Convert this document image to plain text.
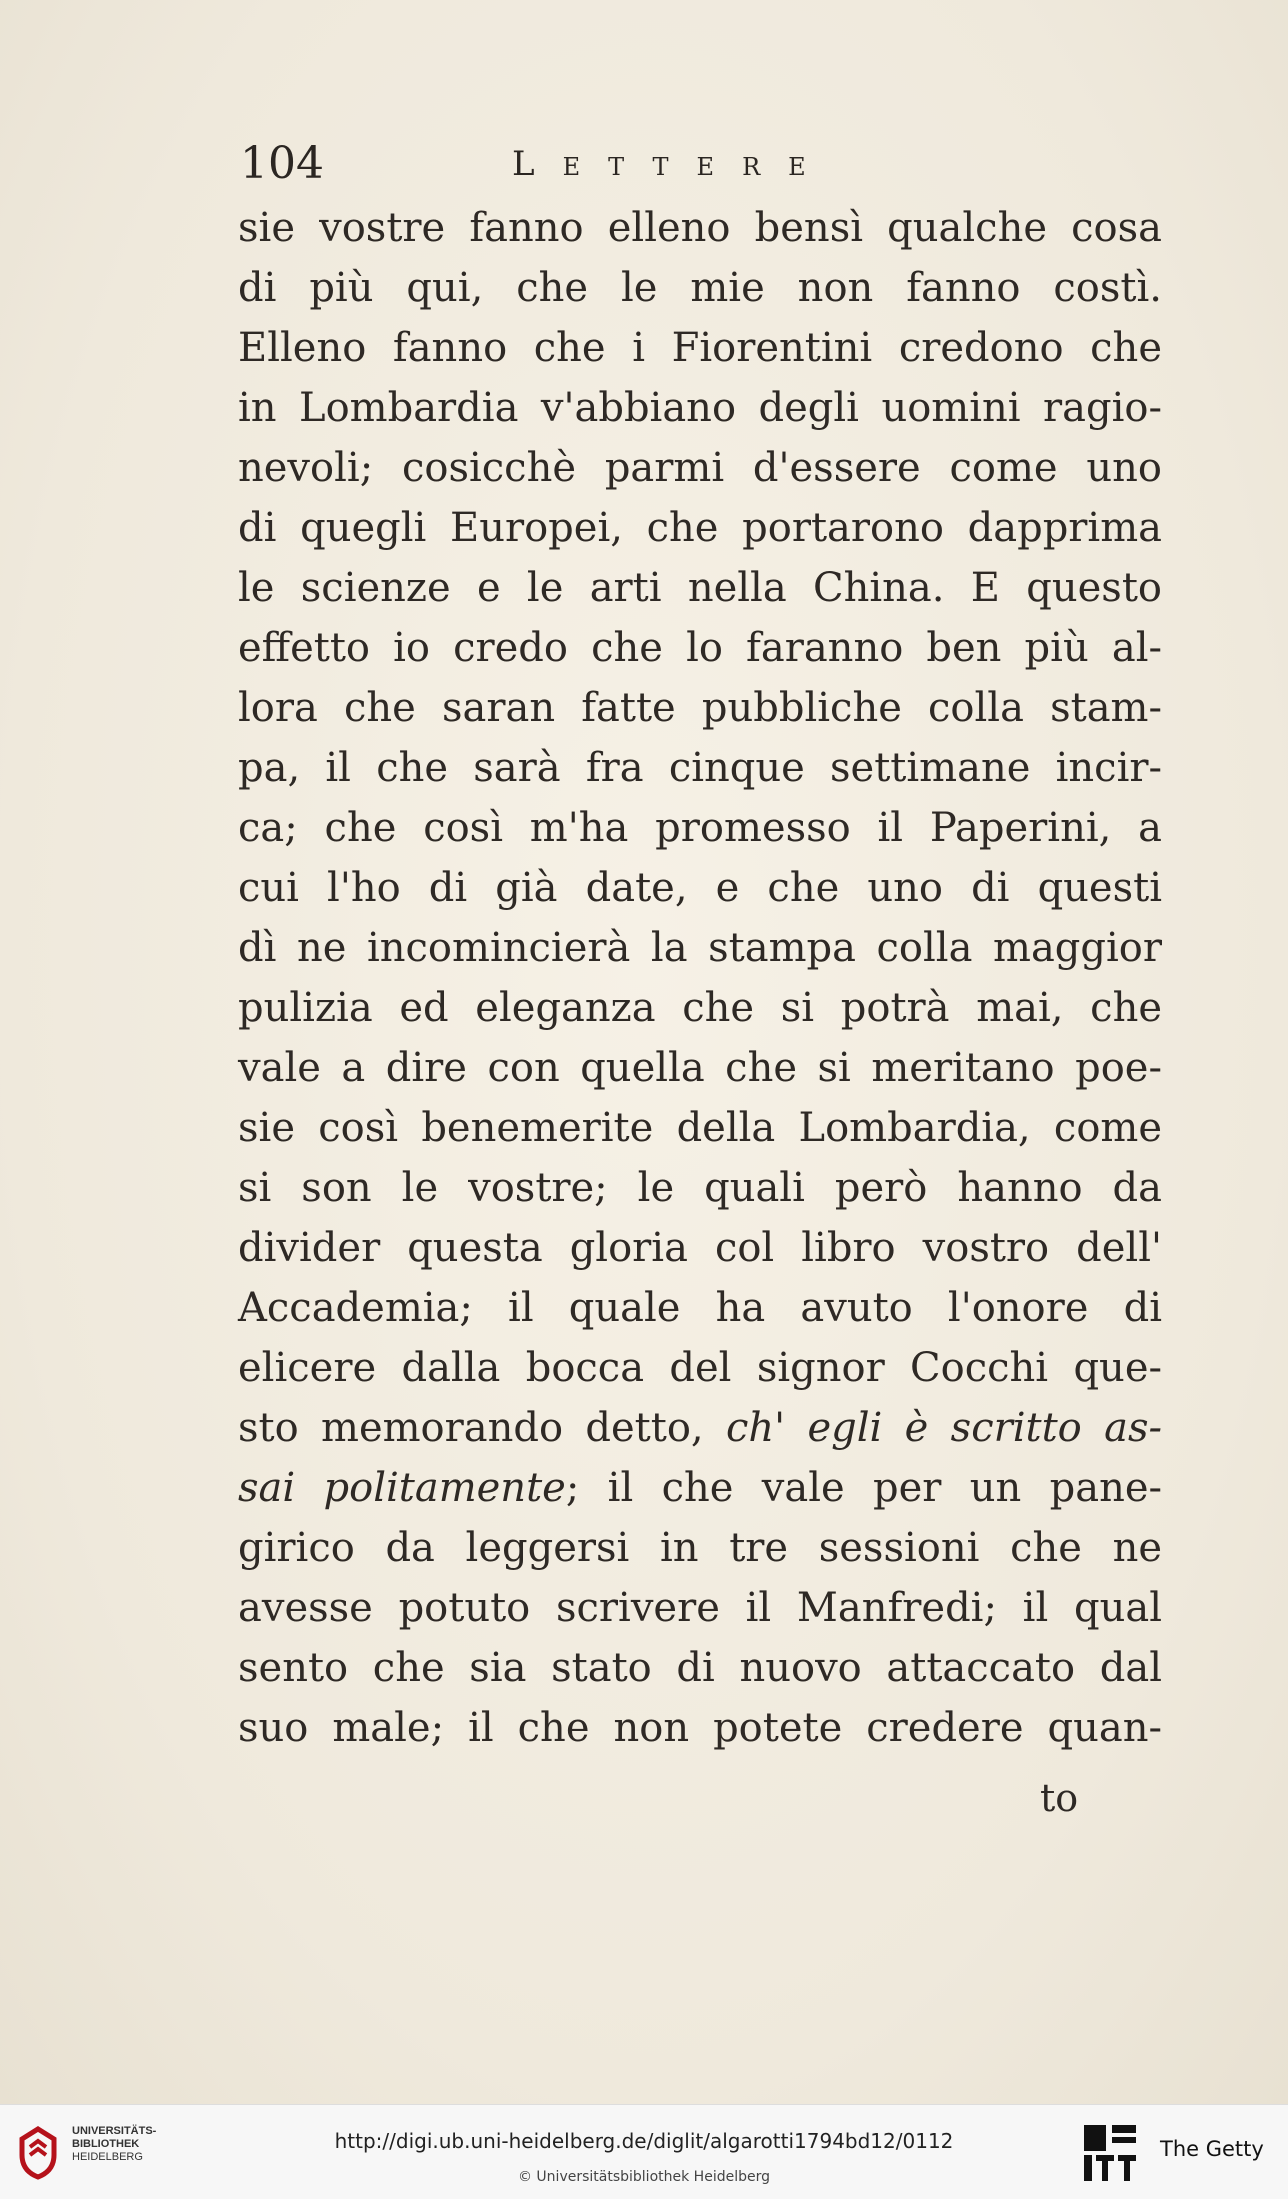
104	Lettere
sie vostre fanno elleno bensì qualche cosa
di più qui, che le mie non fanno costì.
Elleno fanno che i Fiorentini credono che
in Lombardia v'abbiano degli uomini ragio-
nevoli; cosicchè parmi d'essere come uno
di quegli Europei, che portarono dapprima
le scienze e le arti nella China. E questo
effetto io credo che lo faranno ben più al-
lora che saran fatte pubbliche colla stam-
pa, il che sarà fra cinque settimane incir-
ca; che così m'ha promesso il Paperini, a
cui l'ho di già date, e che uno di questi
dì ne incomincierà la stampa colla maggior
pulizia ed eleganza che si potrà mai, che
vale a dire con quella che si meritano poe-
sie così benemerite della Lombardia, come
si son le vostre; le quali però hanno da
divider questa gloria col libro vostro dell'
Accademia; il quale ha avuto l'onore di
elicere dalla bocca del signor Cocchi que-
sto memorando detto, ch' egli è scritto as-
sai politamente; il che vale per un pane-
girico da leggersi in tre sessioni che ne
avesse potuto scrivere il Manfredi; il qual
sento che sia stato di nuovo attaccato dal
suo male; il che non potete credere quan-
to
UNIVERSITÄTS-
BIBLIOTHEK
HEIDELBERG
http://digi.ub.uni-heidelberg.de/diglit/algarotti1794bd12/0112
© Universitätsbibliothek Heidelberg
The Getty
